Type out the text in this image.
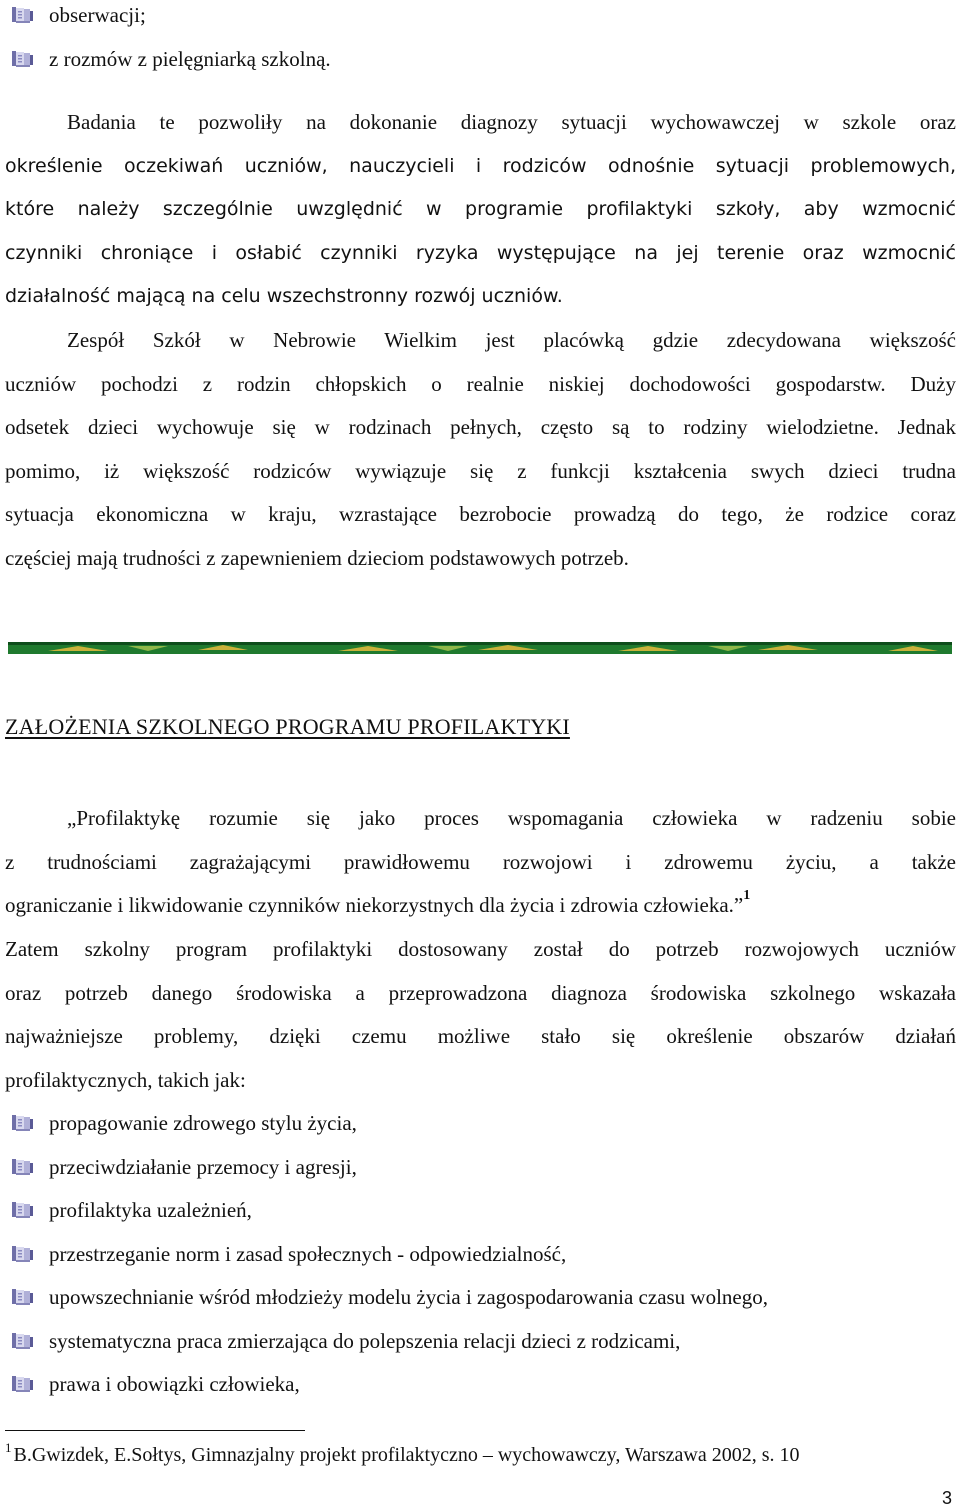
obserwacji;
z rozmów z pielęgniarką szkolną.

Badania te pozwoliły na dokonanie diagnozy sytuacji wychowawczej w szkole oraz
określenie oczekiwań uczniów, nauczycieli i rodziców odnośnie sytuacji problemowych,
które należy szczególnie uwzględnić w programie profilaktyki szkoły, aby wzmocnić
czynniki chroniące i osłabić czynniki ryzyka występujące na jej terenie oraz wzmocnić
działalność mającą na celu wszechstronny rozwój uczniów.

Zespół Szkół w Nebrowie Wielkim jest placówką gdzie zdecydowana większość
uczniów pochodzi z rodzin chłopskich o realnie niskiej dochodowości gospodarstw. Duży
odsetek dzieci wychowuje się w rodzinach pełnych, często są to rodziny wielodzietne. Jednak
pomimo, iż większość rodziców wywiązuje się z funkcji kształcenia swych dzieci trudna
sytuacja ekonomiczna w kraju, wzrastające bezrobocie prowadzą do tego, że rodzice coraz
częściej mają trudności z zapewnieniem dzieciom podstawowych potrzeb.

ZAŁOŻENIA SZKOLNEGO PROGRAMU PROFILAKTYKI

„Profilaktykę rozumie się jako proces wspomagania człowieka w radzeniu sobie
z trudnościami zagrażającymi prawidłowemu rozwojowi i zdrowemu życiu, a także
ograniczanie i likwidowanie czynników niekorzystnych dla życia i zdrowia człowieka.”$^1$

Zatem szkolny program profilaktyki dostosowany został do potrzeb rozwojowych uczniów
oraz potrzeb danego środowiska a przeprowadzona diagnoza środowiska szkolnego wskazała
najważniejsze problemy, dzięki czemu możliwe stało się określenie obszarów działań
profilaktycznych, takich jak:

propagowanie zdrowego stylu życia,
przeciwdziałanie przemocy i agresji,
profilaktyka uzależnień,
przestrzeganie norm i zasad społecznych - odpowiedzialność,
upowszechnianie wśród młodzieży modelu życia i zagospodarowania czasu wolnego,
systematyczna praca zmierzająca do polepszenia relacji dzieci z rodzicami,
prawa i obowiązki człowieka,
$^1$ B.Gwizdek, E.Sołtys, Gimnazjalny projekt profilaktyczno – wychowawczy, Warszawa 2002, s. 10
3
